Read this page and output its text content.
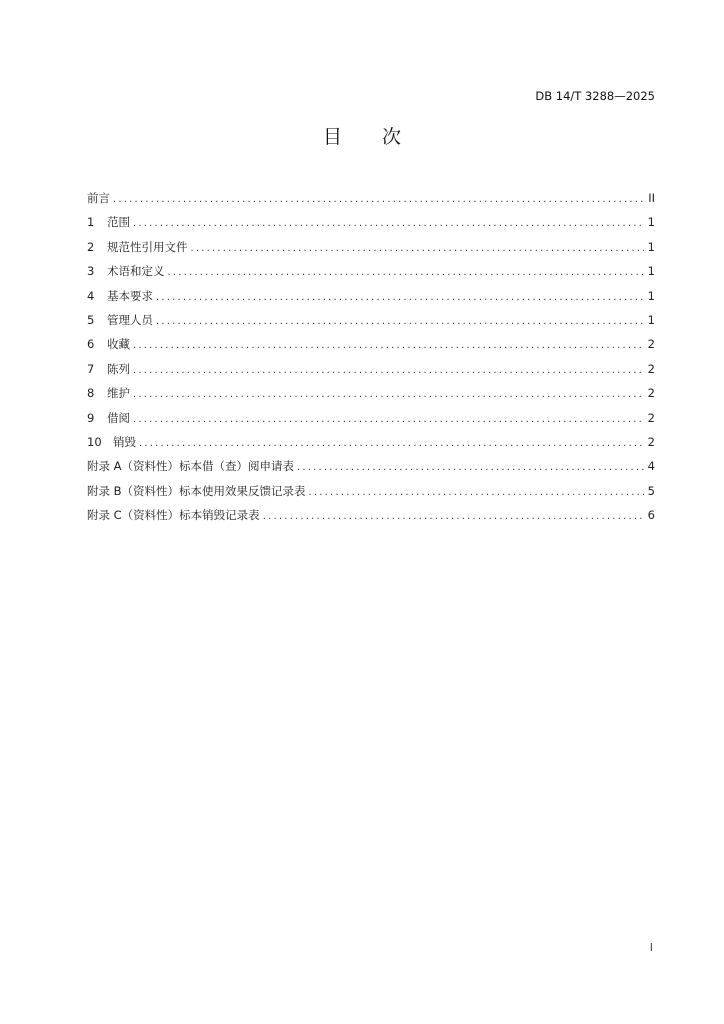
DB 14/T 3288—2025
目 次
前言 .....	II
1	范围 .....	1
2	规范性引用文件 .....	1
3	术语和定义 .....	1
4	基本要求 .....	1
5	管理人员 .....	1
6	收藏 .....	2
7	陈列 .....	2
8	维护 .....	2
9	借阅 .....	2
10 销毁 .....	2
附录 A（资料性）标本借（查）阅申请表 .....	4
附录 B（资料性）标本使用效果反馈记录表 .....	5
附录 C（资料性）标本销毁记录表 .....	6
I
